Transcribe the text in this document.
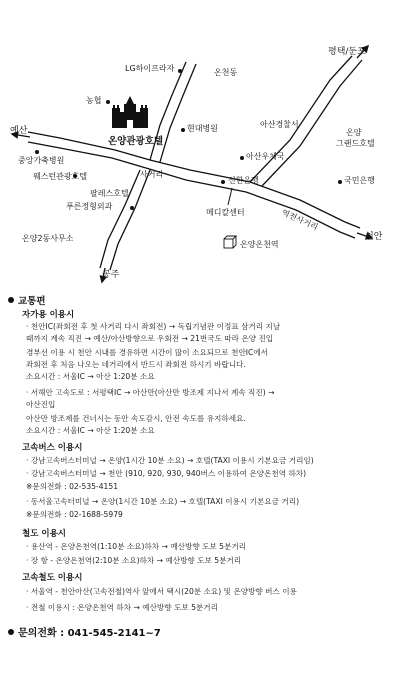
LG하이프라자	온천동
평택/둔포
농협
온양관광호텔
현대병원	아산경찰서
온양
그랜드호텔
예산
중앙가축병원	아산우체국
웨스턴관광호텔	사거리
신한은행	국민은행
팔레스호텔
푸른정형외과
메디칼센터	역전사거리
천안
온양2동사무소
온양온천역
공주
교통편
자가용 이용시
· 천안IC(좌회전 후 첫 사거리 다시 좌회전) → 독립기념관 이정표 삼거리 지날
때까지 계속 직진 → 예산/아산방향으로 우회전 → 21번국도 따라 온양 진입
경부선 이용 시 천안 시내를 경유하면 시간이 많이 소요되므로 천안IC에서
좌회전 후 처음 나오는 네거리에서 반드시 좌회전 하시기 바랍니다.
소요시간 : 서울IC → 아산 1:20분 소요
· 서해안 고속도로 : 서평택IC → 아산만(아산만 방조제 지나서 계속 직진) →
아산진입
아산만 방조제를 건너시는 동안 속도감시, 안전 속도를 유지하세요.
소요시간 : 서울IC → 아산 1:20분 소요
고속버스 이용시
· 강남고속버스터미널 → 온양(1시간 10분 소요) → 호텔(TAXI 이용시 기본요금 거리임)
· 강남고속버스터미널 → 천안 (910, 920, 930, 940버스 이용하여 온양온천역 하차)
※문의전화 : 02-535-4151
· 동서울고속터미널 → 온양(1시간 10분 소요) → 호텔(TAXI 이용시 기본요금 거리)
※문의전화 : 02-1688-5979
철도 이용시
· 용산역 - 온양온천역(1:10분 소요)하차 → 예산방향 도보 5분거리
· 장 항 - 온양온천역(2:10분 소요)하차 → 예산방향 도보 5분거리
고속철도 이용시
· 서울역 - 천안아산(고속전철)역사 앞에서 택시(20분 소요) 및 온양방향 버스 이용
· 전철 이용시 : 온양온천역 하차 → 예산방향 도보 5분거리
문의전화 : 041-545-2141~7
